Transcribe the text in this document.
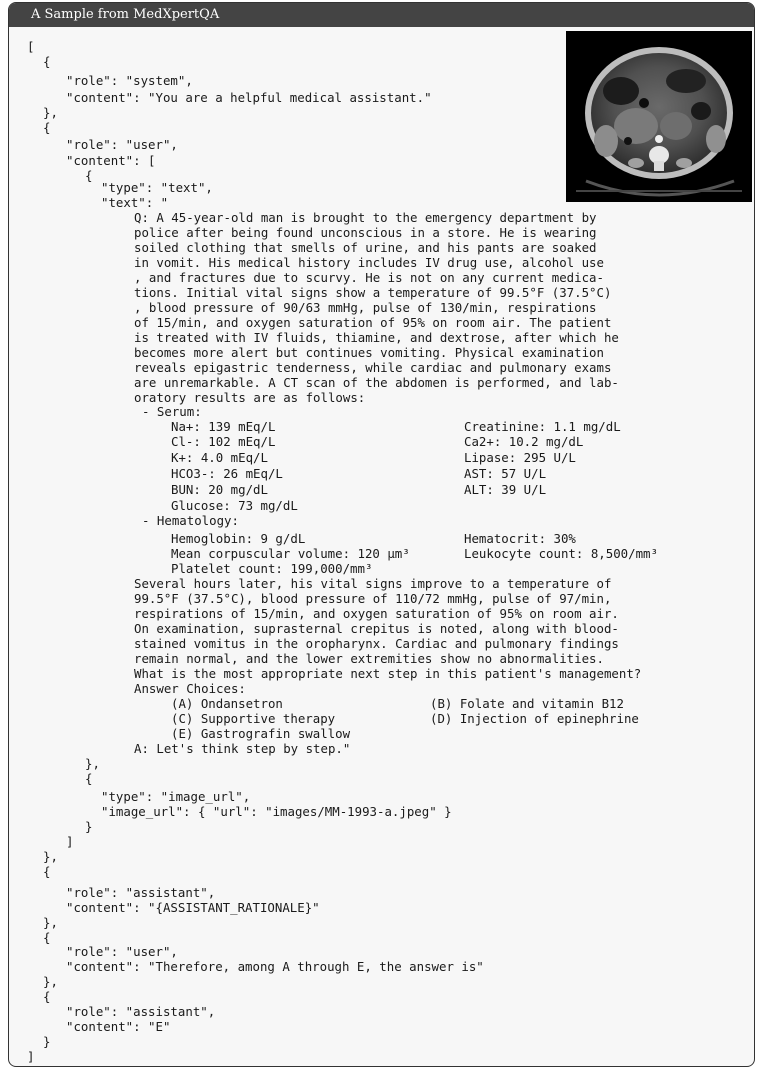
A Sample from MedXpertQA
[
{
"role": "system",
"content": "You are a helpful medical assistant."
},
{
"role": "user",
"content": [
{
"type": "text",
"text": "
Q: A 45-year-old man is brought to the emergency department by
police after being found unconscious in a store. He is wearing
soiled clothing that smells of urine, and his pants are soaked
in vomit. His medical history includes IV drug use, alcohol use
, and fractures due to scurvy. He is not on any current medica-
tions. Initial vital signs show a temperature of 99.5°F (37.5°C)
, blood pressure of 90/63 mmHg, pulse of 130/min, respirations
of 15/min, and oxygen saturation of 95% on room air. The patient
is treated with IV fluids, thiamine, and dextrose, after which he
becomes more alert but continues vomiting. Physical examination
reveals epigastric tenderness, while cardiac and pulmonary exams
are unremarkable. A CT scan of the abdomen is performed, and lab-
oratory results are as follows:
- Serum:
Na+: 139 mEq/L	Creatinine: 1.1 mg/dL
Cl-: 102 mEq/L	Ca2+: 10.2 mg/dL
K+: 4.0 mEq/L	Lipase: 295 U/L
HCO3-: 26 mEq/L	AST: 57 U/L
BUN: 20 mg/dL	ALT: 39 U/L
Glucose: 73 mg/dL
- Hematology:
Hemoglobin: 9 g/dL	Hematocrit: 30%
Mean corpuscular volume: 120 µm³	Leukocyte count: 8,500/mm³
Platelet count: 199,000/mm³
Several hours later, his vital signs improve to a temperature of
99.5°F (37.5°C), blood pressure of 110/72 mmHg, pulse of 97/min,
respirations of 15/min, and oxygen saturation of 95% on room air.
On examination, suprasternal crepitus is noted, along with blood-
stained vomitus in the oropharynx. Cardiac and pulmonary findings
remain normal, and the lower extremities show no abnormalities.
What is the most appropriate next step in this patient's management?
Answer Choices:
(A) Ondansetron	(B) Folate and vitamin B12
(C) Supportive therapy	(D) Injection of epinephrine
(E) Gastrografin swallow
A: Let's think step by step."
},
{
"type": "image_url",
"image_url": { "url": "images/MM-1993-a.jpeg" }
}
]
},
{
"role": "assistant",
"content": "{ASSISTANT_RATIONALE}"
},
{
"role": "user",
"content": "Therefore, among A through E, the answer is"
},
{
"role": "assistant",
"content": "E"
}
]
